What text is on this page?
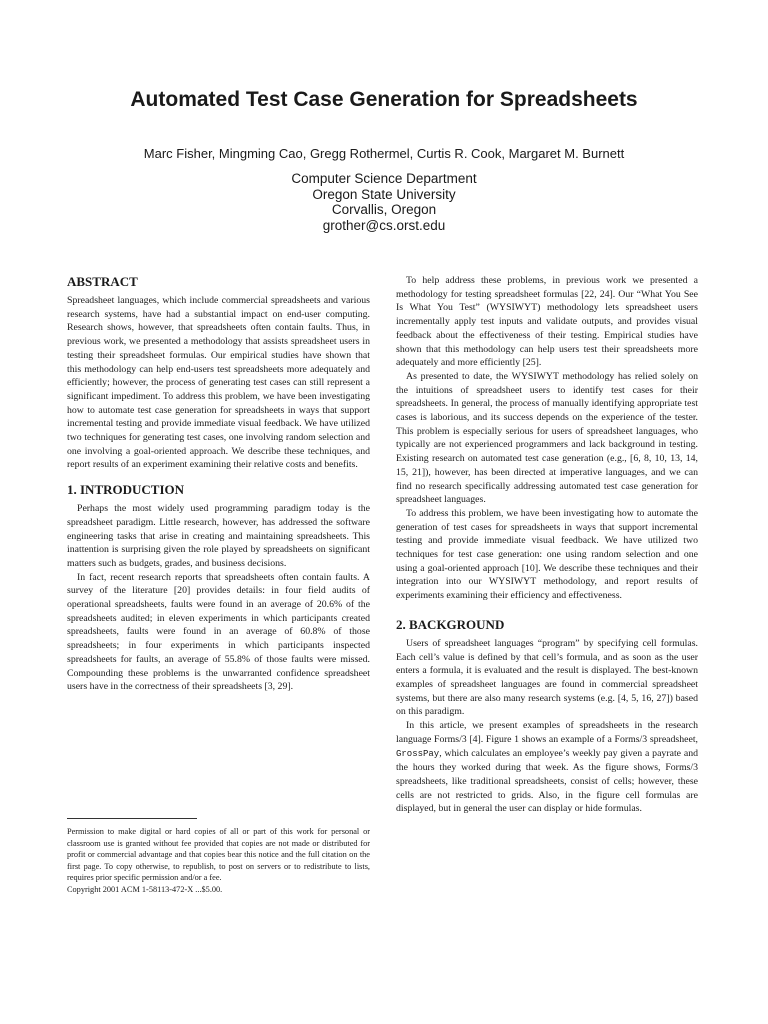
Automated Test Case Generation for Spreadsheets

Marc Fisher, Mingming Cao, Gregg Rothermel, Curtis R. Cook, Margaret M. Burnett

Computer Science Department
Oregon State University
Corvallis, Oregon
grother@cs.orst.edu
ABSTRACT

Spreadsheet languages, which include commercial spreadsheets and various research systems, have had a substantial impact on end-user computing. Research shows, however, that spreadsheets often contain faults. Thus, in previous work, we presented a methodology that assists spreadsheet users in testing their spreadsheet formulas. Our empirical studies have shown that this methodology can help end-users test spreadsheets more adequately and efficiently; however, the process of generating test cases can still represent a significant impediment. To address this problem, we have been investigating how to automate test case generation for spreadsheets in ways that support incremental testing and provide immediate visual feedback. We have utilized two techniques for generating test cases, one involving random selection and one involving a goal-oriented approach. We describe these techniques, and report results of an experiment examining their relative costs and benefits.

1. INTRODUCTION

Perhaps the most widely used programming paradigm today is the spreadsheet paradigm. Little research, however, has addressed the software engineering tasks that arise in creating and maintaining spreadsheets. This inattention is surprising given the role played by spreadsheets on significant matters such as budgets, grades, and business decisions.

In fact, recent research reports that spreadsheets often contain faults. A survey of the literature [20] provides details: in four field audits of operational spreadsheets, faults were found in an average of 20.6% of the spreadsheets audited; in eleven experiments in which participants created spreadsheets, faults were found in an average of 60.8% of those spreadsheets; in four experiments in which participants inspected spreadsheets for faults, an average of 55.8% of those faults were missed. Compounding these problems is the unwarranted confidence spreadsheet users have in the correctness of their spreadsheets [3, 29].

Permission to make digital or hard copies of all or part of this work for personal or classroom use is granted without fee provided that copies are not made or distributed for profit or commercial advantage and that copies bear this notice and the full citation on the first page. To copy otherwise, to republish, to post on servers or to redistribute to lists, requires prior specific permission and/or a fee.

Copyright 2001 ACM 1-58113-472-X ...$5.00.

To help address these problems, in previous work we presented a methodology for testing spreadsheet formulas [22, 24]. Our “What You See Is What You Test” (WYSIWYT) methodology lets spreadsheet users incrementally apply test inputs and validate outputs, and provides visual feedback about the effectiveness of their testing. Empirical studies have shown that this methodology can help users test their spreadsheets more adequately and more efficiently [25].

As presented to date, the WYSIWYT methodology has relied solely on the intuitions of spreadsheet users to identify test cases for their spreadsheets. In general, the process of manually identifying appropriate test cases is laborious, and its success depends on the experience of the tester. This problem is especially serious for users of spreadsheet languages, who typically are not experienced programmers and lack background in testing. Existing research on automated test case generation (e.g., [6, 8, 10, 13, 14, 15, 21]), however, has been directed at imperative languages, and we can find no research specifically addressing automated test case generation for spreadsheet languages.

To address this problem, we have been investigating how to automate the generation of test cases for spreadsheets in ways that support incremental testing and provide immediate visual feedback. We have utilized two techniques for test case generation: one using random selection and one using a goal-oriented approach [10]. We describe these techniques and their integration into our WYSIWYT methodology, and report results of experiments examining their efficiency and effectiveness.

2. BACKGROUND

Users of spreadsheet languages “program” by specifying cell formulas. Each cell’s value is defined by that cell’s formula, and as soon as the user enters a formula, it is evaluated and the result is displayed. The best-known examples of spreadsheet languages are found in commercial spreadsheet systems, but there are also many research systems (e.g. [4, 5, 16, 27]) based on this paradigm.

In this article, we present examples of spreadsheets in the research language Forms/3 [4]. Figure 1 shows an example of a Forms/3 spreadsheet, GrossPay, which calculates an employee’s weekly pay given a payrate and the hours they worked during that week. As the figure shows, Forms/3 spreadsheets, like traditional spreadsheets, consist of cells; however, these cells are not restricted to grids. Also, in the figure cell formulas are displayed, but in general the user can display or hide formulas.
